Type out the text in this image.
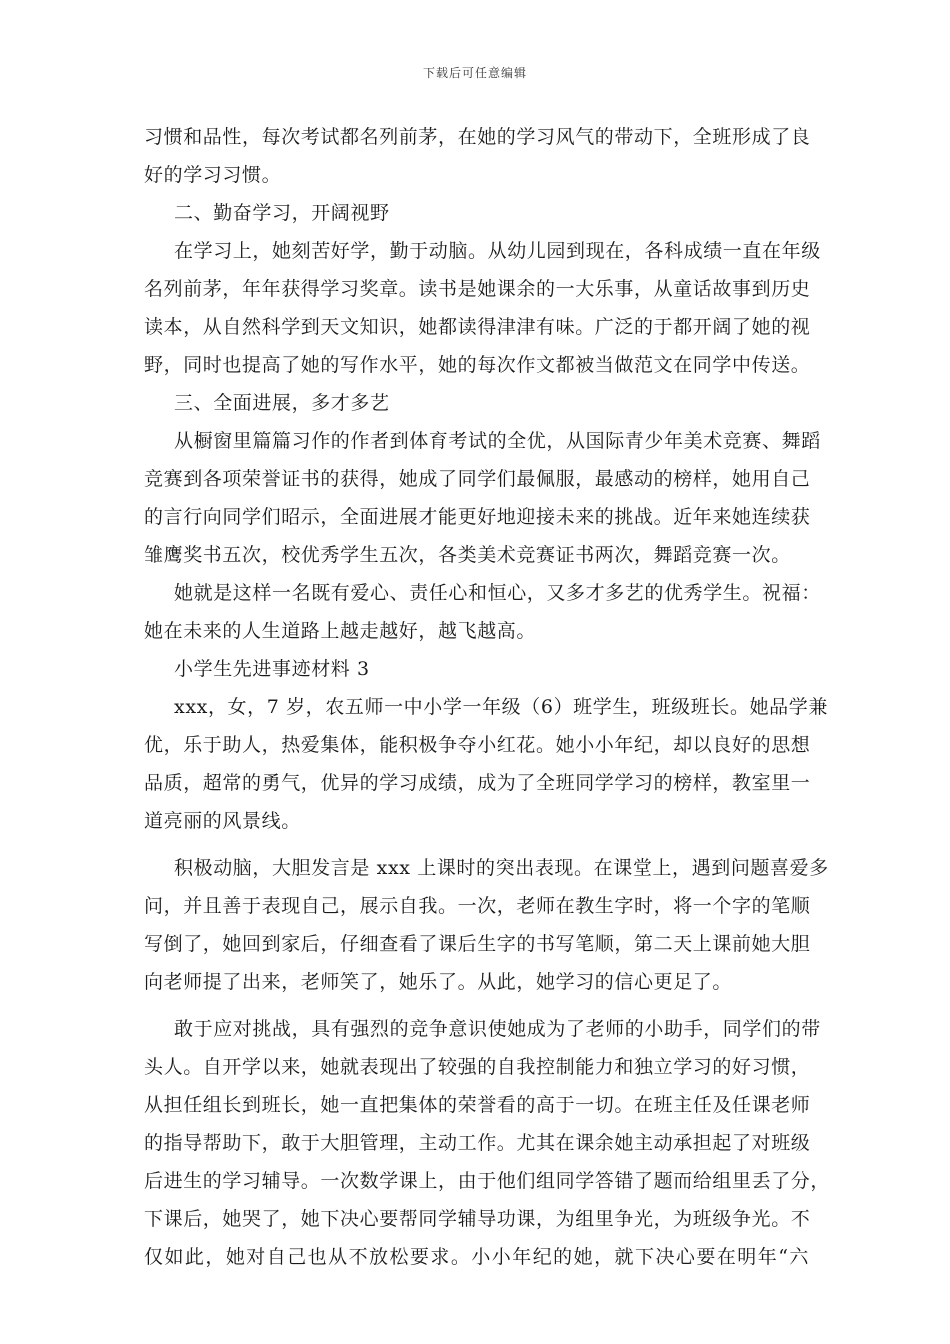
下载后可任意编辑
习惯和品性，每次考试都名列前茅，在她的学习风气的带动下，全班形成了良
好的学习习惯。
二、勤奋学习，开阔视野
在学习上，她刻苦好学，勤于动脑。从幼儿园到现在，各科成绩一直在年级
名列前茅，年年获得学习奖章。读书是她课余的一大乐事，从童话故事到历史
读本，从自然科学到天文知识，她都读得津津有味。广泛的于都开阔了她的视
野，同时也提高了她的写作水平，她的每次作文都被当做范文在同学中传送。
三、全面进展，多才多艺
从橱窗里篇篇习作的作者到体育考试的全优，从国际青少年美术竞赛、舞蹈
竞赛到各项荣誉证书的获得，她成了同学们最佩服，最感动的榜样，她用自己
的言行向同学们昭示，全面进展才能更好地迎接未来的挑战。近年来她连续获
雏鹰奖书五次，校优秀学生五次，各类美术竞赛证书两次，舞蹈竞赛一次。
她就是这样一名既有爱心、责任心和恒心，又多才多艺的优秀学生。祝福：
她在未来的人生道路上越走越好，越飞越高。
小学生先进事迹材料 3
xxx，女，7 岁，农五师一中小学一年级（6）班学生，班级班长。她品学兼
优，乐于助人，热爱集体，能积极争夺小红花。她小小年纪，却以良好的思想
品质，超常的勇气，优异的学习成绩，成为了全班同学学习的榜样，教室里一
道亮丽的风景线。
积极动脑，大胆发言是 xxx 上课时的突出表现。在课堂上，遇到问题喜爱多
问，并且善于表现自己，展示自我。一次，老师在教生字时，将一个字的笔顺
写倒了，她回到家后，仔细查看了课后生字的书写笔顺，第二天上课前她大胆
向老师提了出来，老师笑了，她乐了。从此，她学习的信心更足了。
敢于应对挑战，具有强烈的竞争意识使她成为了老师的小助手，同学们的带
头人。自开学以来，她就表现出了较强的自我控制能力和独立学习的好习惯，
从担任组长到班长，她一直把集体的荣誉看的高于一切。在班主任及任课老师
的指导帮助下，敢于大胆管理，主动工作。尤其在课余她主动承担起了对班级
后进生的学习辅导。一次数学课上，由于他们组同学答错了题而给组里丢了分，
下课后，她哭了，她下决心要帮同学辅导功课，为组里争光，为班级争光。不
仅如此，她对自己也从不放松要求。小小年纪的她，就下决心要在明年“六
